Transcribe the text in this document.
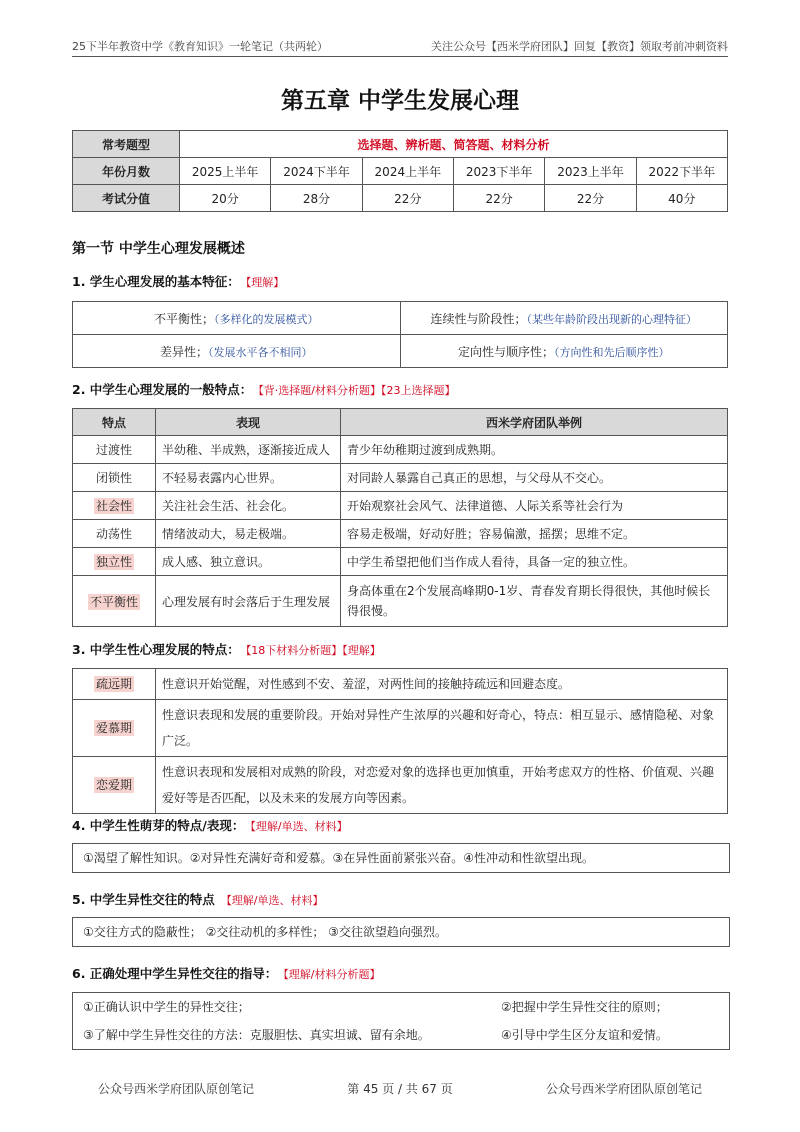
25下半年教资中学《教育知识》一轮笔记（共两轮）	关注公众号【西米学府团队】回复【教资】领取考前冲刺资料
第五章 中学生发展心理
常考题型	选择题、辨析题、简答题、材料分析					
年份月数	2025上半年	2024下半年	2024上半年	2023下半年	2023上半年	2022下半年
考试分值	20分	28分	22分	22分	22分	40分
第一节 中学生心理发展概述
1. 学生心理发展的基本特征： 【理解】
不平衡性；（多样化的发展模式）	连续性与阶段性；（某些年龄阶段出现新的心理特征）
差异性；（发展水平各不相同）	定向性与顺序性；（方向性和先后顺序性）
2. 中学生心理发展的一般特点： 【背·选择题/材料分析题】【23上选择题】
特点	表现	西米学府团队举例
过渡性	半幼稚、半成熟，逐渐接近成人	青少年幼稚期过渡到成熟期。
闭锁性	不轻易表露内心世界。	对同龄人暴露自己真正的思想，与父母从不交心。
社会性	关注社会生活、社会化。	开始观察社会风气、法律道德、人际关系等社会行为
动荡性	情绪波动大，易走极端。	容易走极端，好动好胜；容易偏激，摇摆；思维不定。
独立性	成人感、独立意识。	中学生希望把他们当作成人看待，具备一定的独立性。
不平衡性	心理发展有时会落后于生理发展	身高体重在2个发展高峰期0-1岁、青春发育期长得很快，其他时候长得很慢。
3. 中学生性心理发展的特点： 【18下材料分析题】【理解】
疏远期	性意识开始觉醒，对性感到不安、羞涩，对两性间的接触持疏远和回避态度。
爱慕期	性意识表现和发展的重要阶段。开始对异性产生浓厚的兴趣和好奇心，特点：相互显示、感情隐秘、对象广泛。
恋爱期	性意识表现和发展相对成熟的阶段，对恋爱对象的选择也更加慎重，开始考虑双方的性格、价值观、兴趣爱好等是否匹配，以及未来的发展方向等因素。
4. 中学生性萌芽的特点/表现： 【理解/单选、材料】
①渴望了解性知识。②对异性充满好奇和爱慕。③在异性面前紧张兴奋。④性冲动和性欲望出现。
5. 中学生异性交往的特点 【理解/单选、材料】
①交往方式的隐蔽性； ②交往动机的多样性； ③交往欲望趋向强烈。
6. 正确处理中学生异性交往的指导： 【理解/材料分析题】
①正确认识中学生的异性交往；	②把握中学生异性交往的原则；
③了解中学生异性交往的方法：克服胆怯、真实坦诚、留有余地。	④引导中学生区分友谊和爱情。
公众号西米学府团队原创笔记	第 45 页 / 共 67 页	公众号西米学府团队原创笔记
